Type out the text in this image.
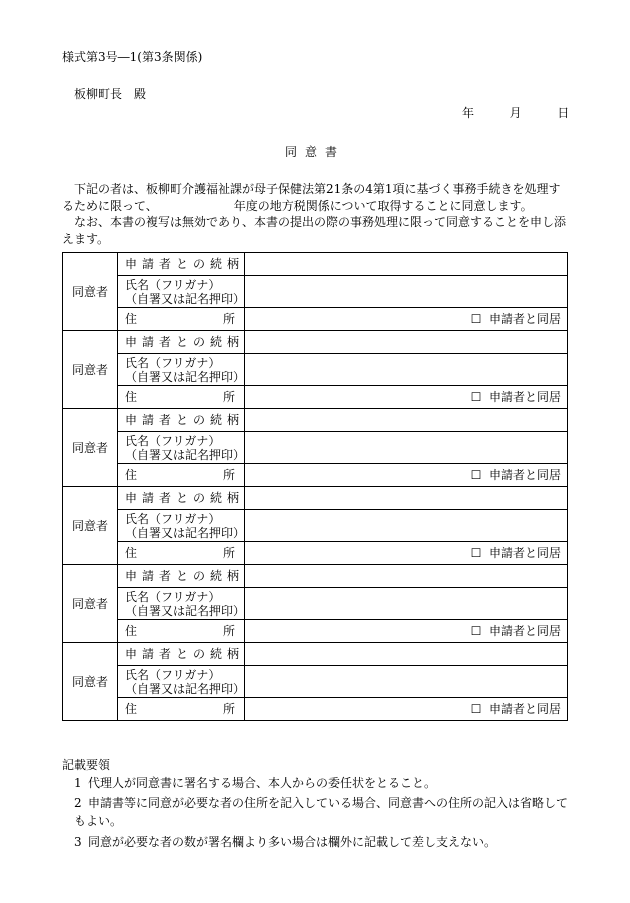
様式第3号―1(第3条関係)
板柳町長　殿
年	月	日
同意書
下記の者は、板柳町介護福祉課が母子保健法第21条の4第1項に基づく事務手続きを処理するために限って、	年度の地方税関係について取得することに同意します。
なお、本書の複写は無効であり、本書の提出の際の事務処理に限って同意することを申し添えます。
同意者	申請者との続柄	

	氏名（フリガナ）
（自署又は記名押印）	

	住 所	☐ 申請者と同居
同意者	申請者との続柄	

	氏名（フリガナ）
（自署又は記名押印）	

	住 所	☐ 申請者と同居
同意者	申請者との続柄	

	氏名（フリガナ）
（自署又は記名押印）	

	住 所	☐ 申請者と同居
同意者	申請者との続柄	

	氏名（フリガナ）
（自署又は記名押印）	

	住 所	☐ 申請者と同居
同意者	申請者との続柄	

	氏名（フリガナ）
（自署又は記名押印）	

	住 所	☐ 申請者と同居
同意者	申請者との続柄	

	氏名（フリガナ）
（自署又は記名押印）	

	住 所	☐ 申請者と同居
記載要領
1 代理人が同意書に署名する場合、本人からの委任状をとること。
2 申請書等に同意が必要な者の住所を記入している場合、同意書への住所の記入は省略して
もよい。
3 同意が必要な者の数が署名欄より多い場合は欄外に記載して差し支えない。
